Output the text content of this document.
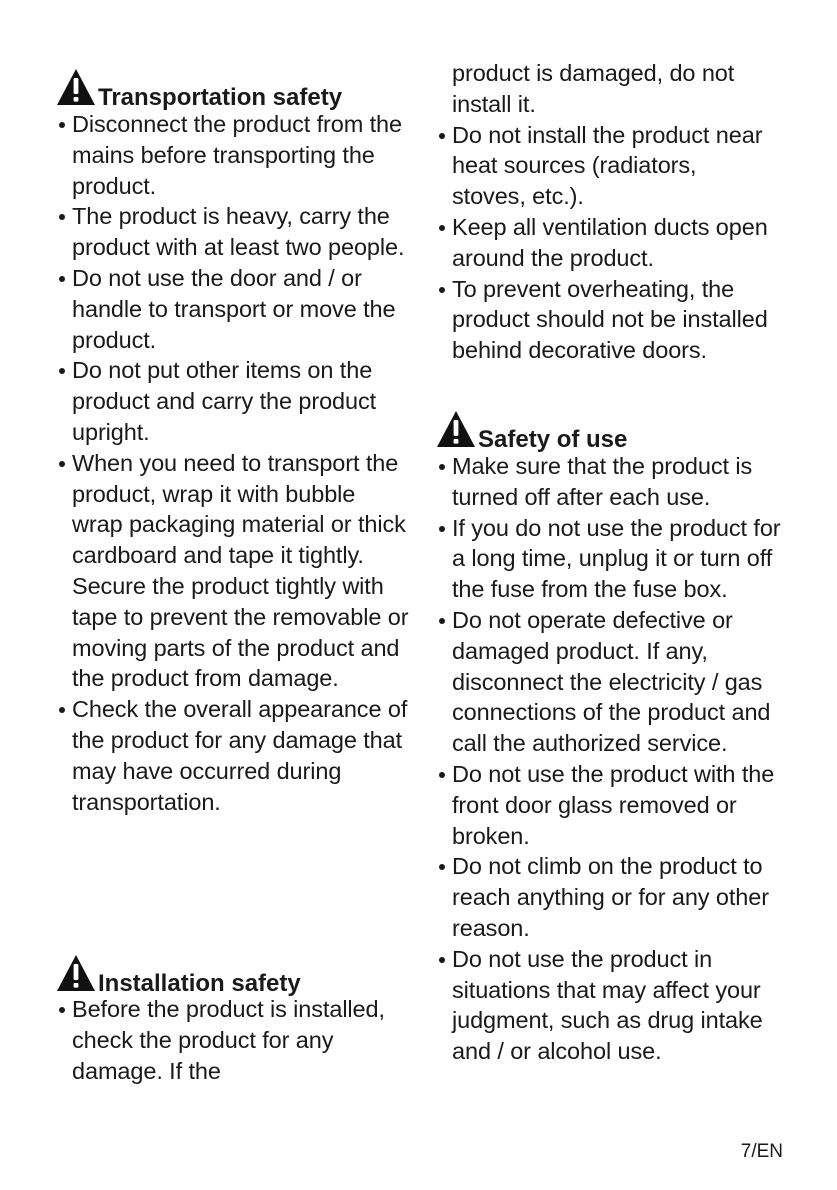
Transportation safety
Disconnect the product from the mains before transporting the product.
The product is heavy, carry the product with at least two people.
Do not use the door and / or handle to transport or move the product.
Do not put other items on the product and carry the product upright.
When you need to transport the product, wrap it with bubble wrap packaging material or thick cardboard and tape it tightly. Secure the product tightly with tape to prevent the removable or moving parts of the product and the product from damage.
Check the overall appearance of the product for any damage that may have occurred during transportation.
Installation safety
Before the product is installed, check the product for any damage. If the
product is damaged, do not install it.
Do not install the product near heat sources (radiators, stoves, etc.).
Keep all ventilation ducts open around the product.
To prevent overheating, the product should not be installed behind decorative doors.
Safety of use
Make sure that the product is turned off after each use.
If you do not use the product for a long time, unplug it or turn off the fuse from the fuse box.
Do not operate defective or damaged product. If any, disconnect the electricity / gas connections of the product and call the authorized service.
Do not use the product with the front door glass removed or broken.
Do not climb on the product to reach anything or for any other reason.
Do not use the product in situations that may affect your judgment, such as drug intake and / or alcohol use.
7/EN
